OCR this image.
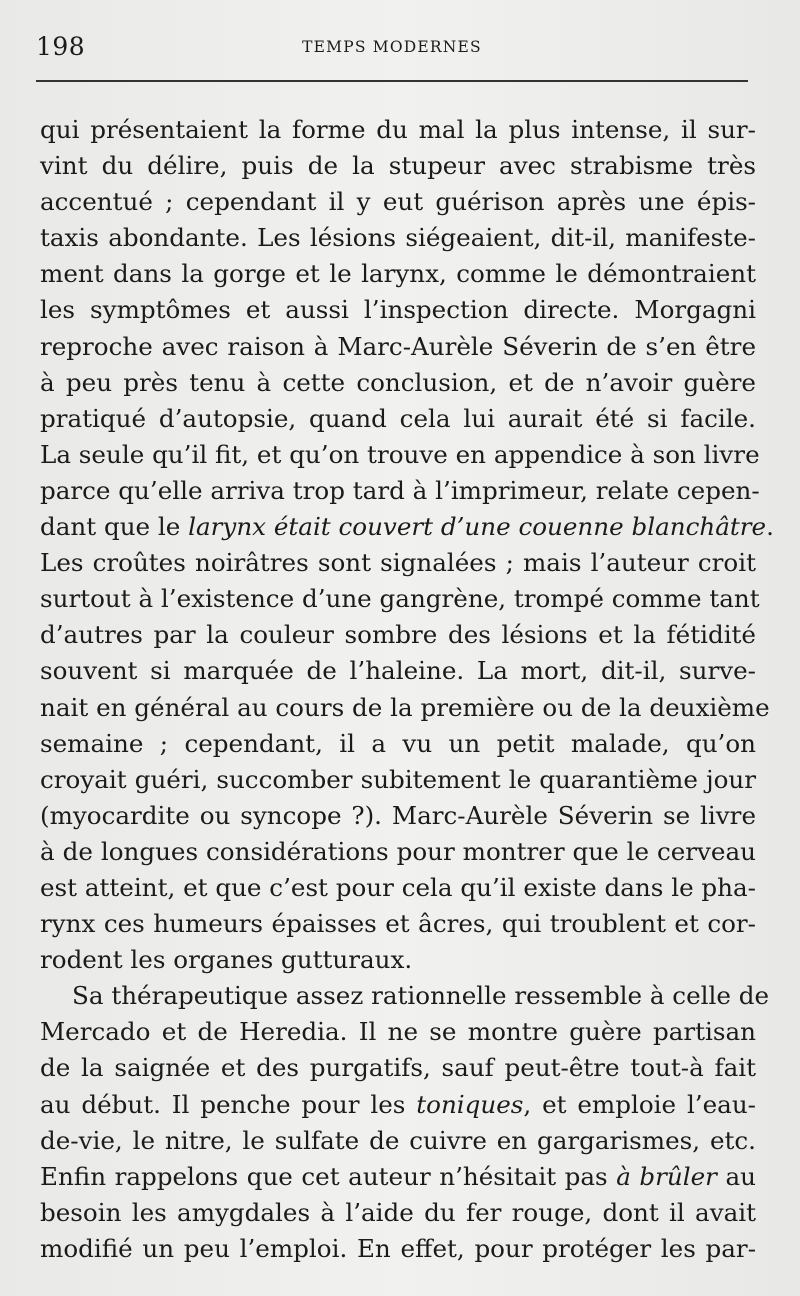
198	TEMPS MODERNES
qui présentaient la forme du mal la plus intense, il sur-
vint du délire, puis de la stupeur avec strabisme très
accentué ; cependant il y eut guérison après une épis-
taxis abondante. Les lésions siégeaient, dit-il, manifeste-
ment dans la gorge et le larynx, comme le démontraient
les symptômes et aussi l’inspection directe. Morgagni
reproche avec raison à Marc-Aurèle Séverin de s’en être
à peu près tenu à cette conclusion, et de n’avoir guère
pratiqué d’autopsie, quand cela lui aurait été si facile.
La seule qu’il fit, et qu’on trouve en appendice à son livre
parce qu’elle arriva trop tard à l’imprimeur, relate cepen-
dant que le larynx était couvert d’une couenne blanchâtre.
Les croûtes noirâtres sont signalées ; mais l’auteur croit
surtout à l’existence d’une gangrène, trompé comme tant
d’autres par la couleur sombre des lésions et la fétidité
souvent si marquée de l’haleine. La mort, dit-il, surve-
nait en général au cours de la première ou de la deuxième
semaine ; cependant, il a vu un petit malade, qu’on
croyait guéri, succomber subitement le quarantième jour
(myocardite ou syncope ?). Marc-Aurèle Séverin se livre
à de longues considérations pour montrer que le cerveau
est atteint, et que c’est pour cela qu’il existe dans le pha-
rynx ces humeurs épaisses et âcres, qui troublent et cor-
rodent les organes gutturaux.
Sa thérapeutique assez rationnelle ressemble à celle de
Mercado et de Heredia. Il ne se montre guère partisan
de la saignée et des purgatifs, sauf peut-être tout-à fait
au début. Il penche pour les toniques, et emploie l’eau-
de-vie, le nitre, le sulfate de cuivre en gargarismes, etc.
Enfin rappelons que cet auteur n’hésitait pas à brûler au
besoin les amygdales à l’aide du fer rouge, dont il avait
modifié un peu l’emploi. En effet, pour protéger les par-
